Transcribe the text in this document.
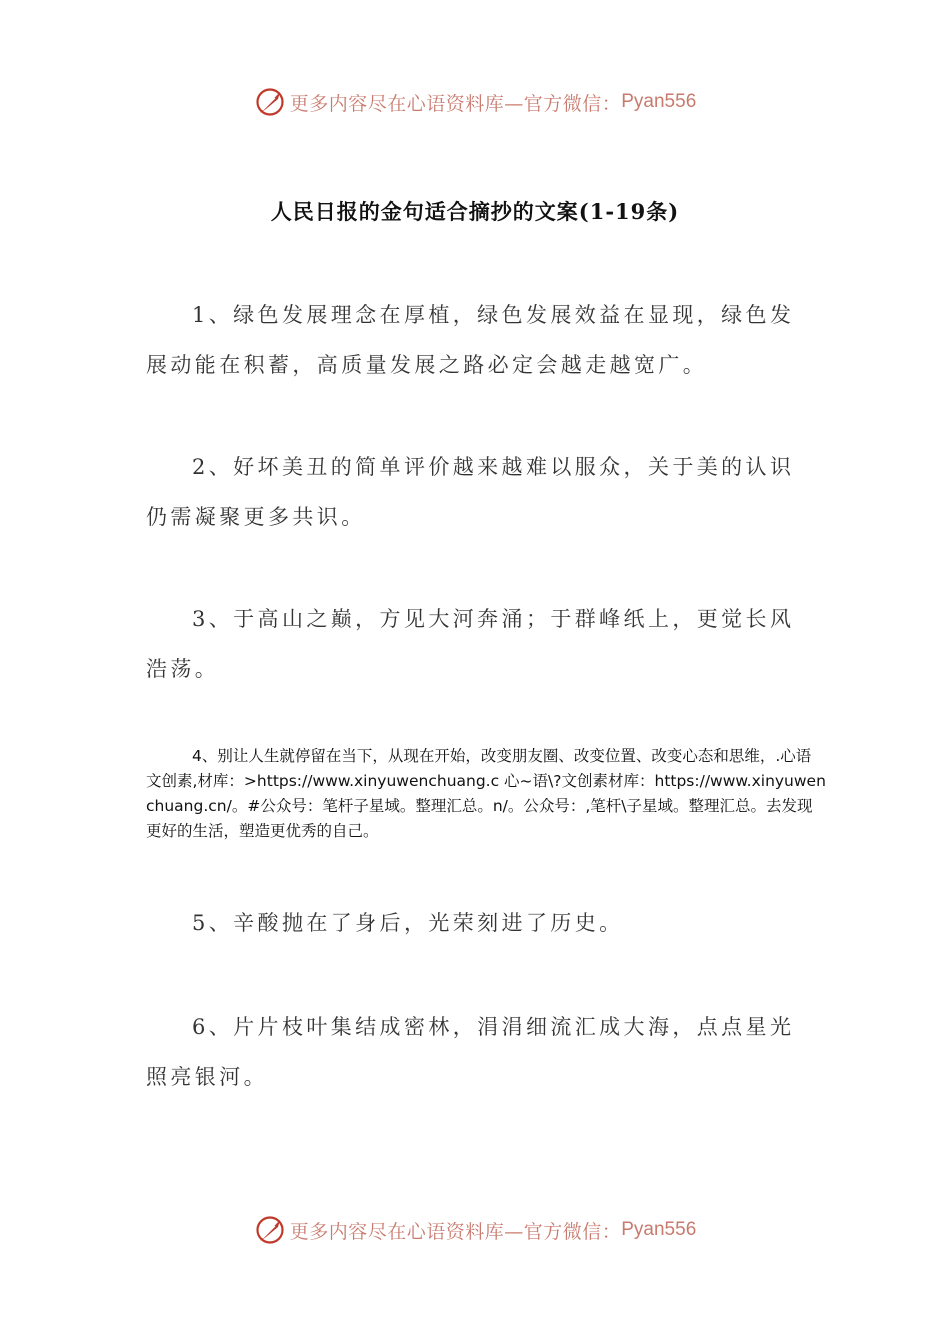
更多内容尽在心语资料库—官方微信： Pyan556
人民日报的金句适合摘抄的文案(1-19条)

1、绿色发展理念在厚植，绿色发展效益在显现，绿色发展动能在积蓄，高质量发展之路必定会越走越宽广。

2、好坏美丑的简单评价越来越难以服众，关于美的认识仍需凝聚更多共识。

3、于高山之巅，方见大河奔涌；于群峰纸上，更觉长风浩荡。

4、别让人生就停留在当下，从现在开始，改变朋友圈、改变位置、改变心态和思维，.心语文创素,材库：>https://www.xinyuwenchuang.c 心~语\?文创素材库：https://www.xinyuwenchuang.cn/。#公众号：笔杆子星域。整理汇总。n/。公众号：,笔杆\子星域。整理汇总。去发现更好的生活，塑造更优秀的自己。

5、辛酸抛在了身后，光荣刻进了历史。

6、片片枝叶集结成密林，涓涓细流汇成大海，点点星光照亮银河。

更多内容尽在心语资料库—官方微信： Pyan556
